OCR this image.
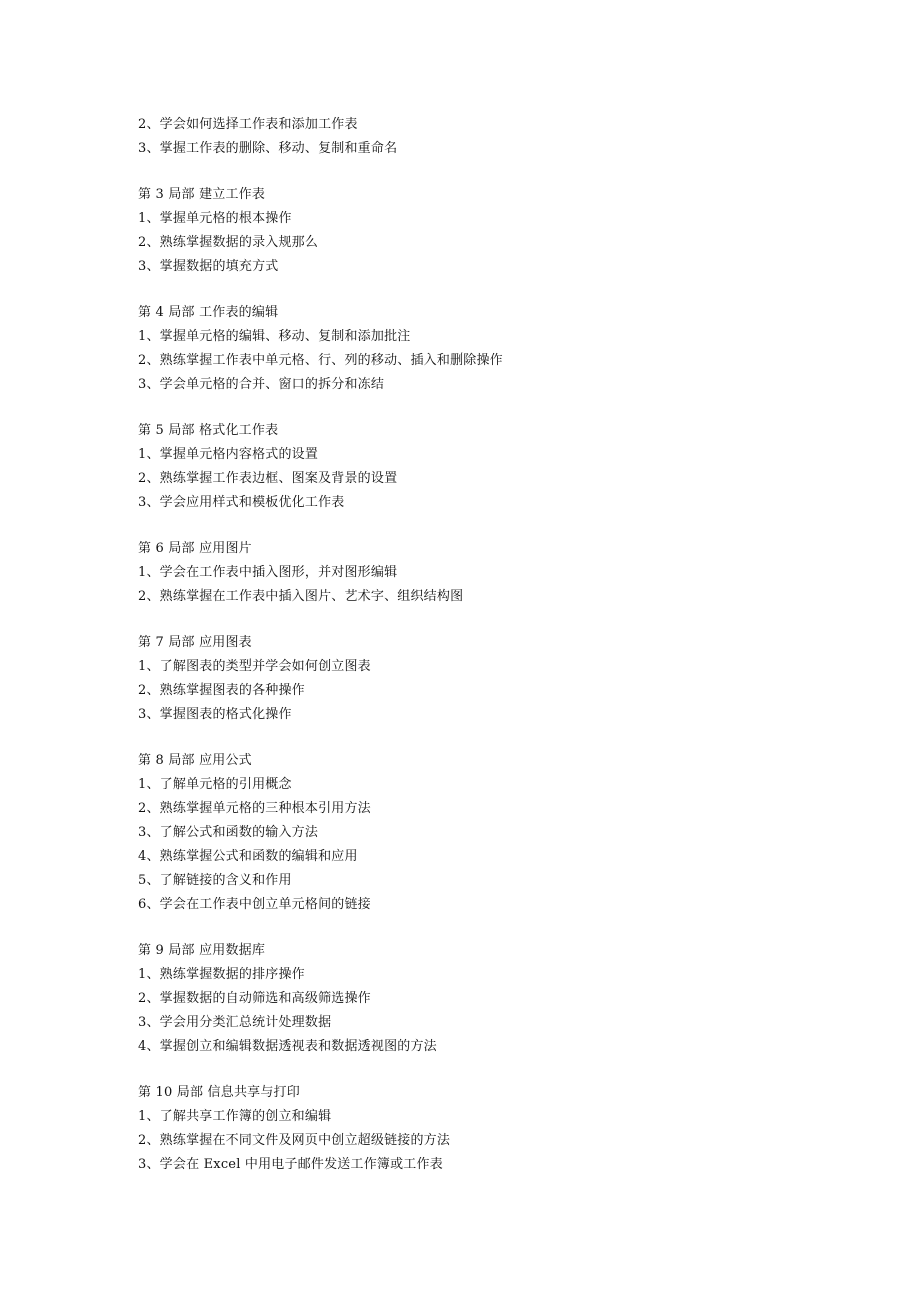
2、学会如何选择工作表和添加工作表
3、掌握工作表的删除、移动、复制和重命名
第 3 局部 建立工作表
1、掌握单元格的根本操作
2、熟练掌握数据的录入规那么
3、掌握数据的填充方式
第 4 局部 工作表的编辑
1、掌握单元格的编辑、移动、复制和添加批注
2、熟练掌握工作表中单元格、行、列的移动、插入和删除操作
3、学会单元格的合并、窗口的拆分和冻结
第 5 局部 格式化工作表
1、掌握单元格内容格式的设置
2、熟练掌握工作表边框、图案及背景的设置
3、学会应用样式和模板优化工作表
第 6 局部 应用图片
1、学会在工作表中插入图形，并对图形编辑
2、熟练掌握在工作表中插入图片、艺术字、组织结构图
第 7 局部 应用图表
1、了解图表的类型并学会如何创立图表
2、熟练掌握图表的各种操作
3、掌握图表的格式化操作
第 8 局部 应用公式
1、了解单元格的引用概念
2、熟练掌握单元格的三种根本引用方法
3、了解公式和函数的输入方法
4、熟练掌握公式和函数的编辑和应用
5、了解链接的含义和作用
6、学会在工作表中创立单元格间的链接
第 9 局部 应用数据库
1、熟练掌握数据的排序操作
2、掌握数据的自动筛选和高级筛选操作
3、学会用分类汇总统计处理数据
4、掌握创立和编辑数据透视表和数据透视图的方法
第 10 局部 信息共享与打印
1、了解共享工作簿的创立和编辑
2、熟练掌握在不同文件及网页中创立超级链接的方法
3、学会在 Excel 中用电子邮件发送工作簿或工作表
